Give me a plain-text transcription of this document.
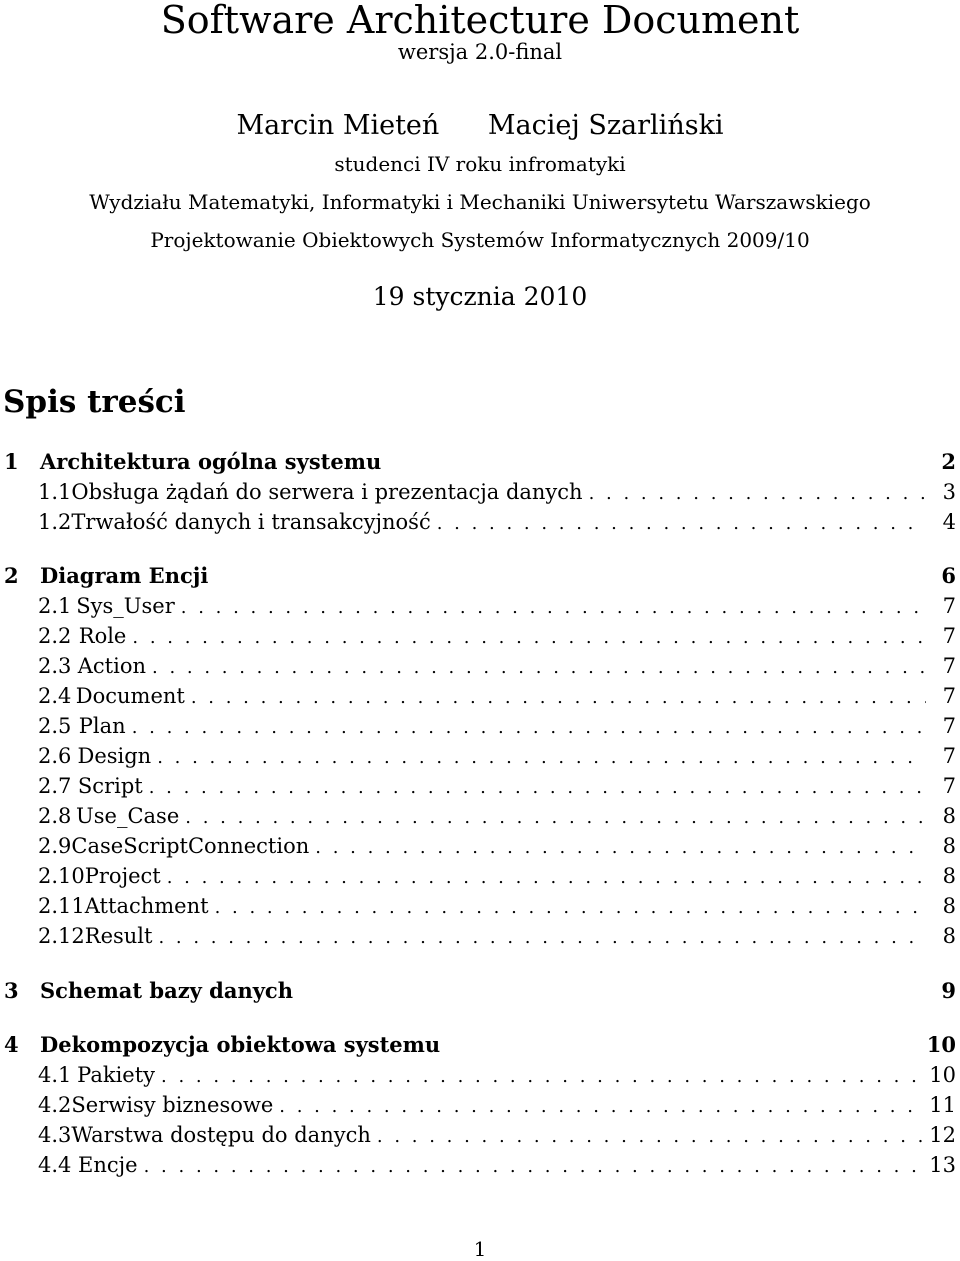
Software Architecture Document
wersja 2.0-final
Marcin Mieteń Maciej Szarliński
studenci IV roku infromatyki
Wydziału Matematyki, Informatyki i Mechaniki Uniwersytetu Warszawskiego
Projektowanie Obiektowych Systemów Informatycznych 2009/10
19 stycznia 2010
Spis treści
1	Architektura ogólna systemu	2
1.1 Obsługa żądań do serwera i prezentacja danych . . .	3
1.2 Trwałość danych i transakcyjność . . .	4
2	Diagram Encji	6
2.1 Sys_User . . .	7
2.2 Role . . .	7
2.3 Action . . .	7
2.4 Document . . .	7
2.5 Plan . . .	7
2.6 Design . . .	7
2.7 Script . . .	7
2.8 Use_Case . . .	8
2.9 CaseScriptConnection . . .	8
2.10 Project . . .	8
2.11 Attachment . . .	8
2.12 Result . . .	8
3	Schemat bazy danych	9
4	Dekompozycja obiektowa systemu	10
4.1 Pakiety . . .	10
4.2 Serwisy biznesowe . . .	11
4.3 Warstwa dostępu do danych . . .	12
4.4 Encje . . .	13
1
